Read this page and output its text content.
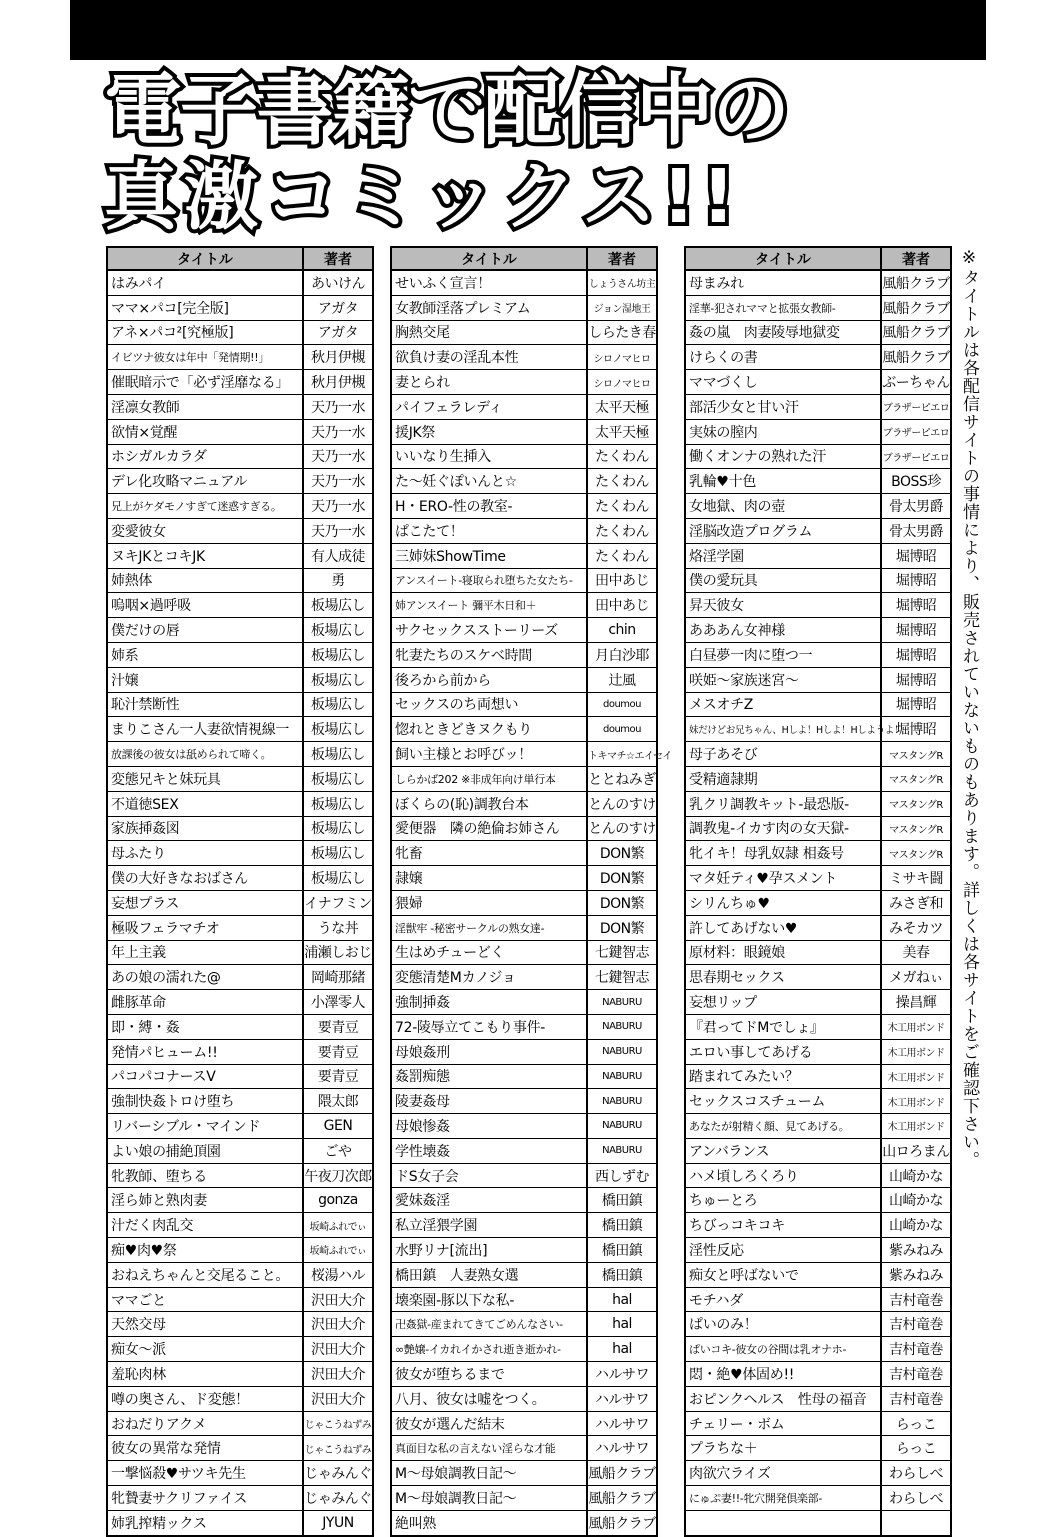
電子書籍で配信中の
真激コミックス!!
タイトル	著者
はみパイ	あいけん
ママ×パコ[完全版]	アガタ
アネ×パコ²[究極版]	アガタ
イビツナ彼女は年中「発情期!!」	秋月伊槻
催眠暗示で「必ず淫靡なる」	秋月伊槻
淫凛女教師	天乃一水
欲情×覚醒	天乃一水
ホシガルカラダ	天乃一水
デレ化攻略マニュアル	天乃一水
兄上がケダモノすぎて迷惑すぎる。	天乃一水
変愛彼女	天乃一水
ヌキJKとコキJK	有人成徒
姉熱体	勇
嗚咽×過呼吸	板場広し
僕だけの唇	板場広し
姉系	板場広し
汁嬢	板場広し
恥汁禁断性	板場広し
まりこさん一人妻欲情視線一	板場広し
放課後の彼女は舐められて啼く。	板場広し
変態兄キと妹玩具	板場広し
不道徳SEX	板場広し
家族挿姦図	板場広し
母ふたり	板場広し
僕の大好きなおばさん	板場広し
妄想プラス	イナフミン
極吸フェラマチオ	うな丼
年上主義	浦瀬しおじ
あの娘の濡れた@	岡崎那緒
雌豚革命	小澤零人
即・縛・姦	要青豆
発情パヒューム!!	要青豆
パコパコナースV	要青豆
強制快姦トロけ堕ち	隈太郎
リバーシブル・マインド	GEN
よい娘の捕絶頂園	ごや
牝教師、堕ちる	午夜刀次郎
淫ら姉と熟肉妻	gonza
汁だく肉乱交	坂崎ふれでぃ
痴♥肉♥祭	坂崎ふれでぃ
おねえちゃんと交尾ること。	桜湯ハル
ママごと	沢田大介
天然交母	沢田大介
痴女〜派	沢田大介
羞恥肉林	沢田大介
噂の奥さん、ド変態！	沢田大介
おねだりアクメ	じゃこうねずみ
彼女の異常な発情	じゃこうねずみ
一撃悩殺♥サツキ先生	じゃみんぐ
牝贄妻サクリファイス	じゃみんぐ
姉乳搾精ックス	JYUN
タイトル	著者
せいふく宣言！	しょうさん坊主
女教師淫落プレミアム	ジョン湿地王
胸熱交尾	しらたき春
欲負け妻の淫乱本性	シロノマヒロ
妻とられ	シロノマヒロ
パイフェラレディ	太平天極
援JK祭	太平天極
いいなり生挿入	たくわん
た〜妊ぐぽいんと☆	たくわん
H・ERO-性の教室-	たくわん
ぱこたて！	たくわん
三姉妹ShowTime	たくわん
アンスイート-寝取られ堕ちた女たち-	田中あじ
姉アンスイート 彌平木日和＋	田中あじ
サクセックスストーリーズ	chin
牝妻たちのスケベ時間	月白沙耶
後ろから前から	辻風
セックスのち両想い	doumou
惚れときどきヌクもり	doumou
飼い主様とお呼びッ！	トキマチ☆エイセイ
しらかば202 ※非成年向け単行本	ととねみぎ
ぼくらの(恥)調教台本	とんのすけ
愛便器　隣の絶倫お姉さん	とんのすけ
牝畜	DON繁
隷嬢	DON繁
猥婦	DON繁
淫獣牢 -秘密サークルの熟女達-	DON繁
生はめチューどく	七鍵智志
変態清楚Mカノジョ	七鍵智志
強制挿姦	NABURU
72-陵辱立てこもり事件-	NABURU
母娘姦刑	NABURU
姦罰痴態	NABURU
陵妻姦母	NABURU
母娘惨姦	NABURU
学性壊姦	NABURU
ドS女子会	西しずむ
愛妹姦淫	橋田鎮
私立淫猥学園	橋田鎮
水野リナ[流出]	橋田鎮
橋田鎮　人妻熟女選	橋田鎮
壊楽園-豚以下な私-	hal
卍姦獄-産まれてきてごめんなさい-	hal
∞艶嬢-イカれイかされ逝き逝かれ-	hal
彼女が堕ちるまで	ハルサワ
八月、彼女は嘘をつく。	ハルサワ
彼女が選んだ結末	ハルサワ
真面目な私の言えない淫らな才能	ハルサワ
M〜母娘調教日記〜	風船クラブ
M〜母娘調教日記〜	風船クラブ
絶叫熟	風船クラブ
タイトル	著者
母まみれ	風船クラブ
淫華-犯されママと拡張女教師-	風船クラブ
姦の嵐　肉妻陵辱地獄変	風船クラブ
けらくの書	風船クラブ
ママづくし	ぶーちゃん
部活少女と甘い汗	ブラザーピエロ
実妹の膣内	ブラザーピエロ
働くオンナの熟れた汗	ブラザーピエロ
乳輪♥十色	BOSS珍
女地獄、肉の壺	骨太男爵
淫脳改造プログラム	骨太男爵
烙淫学園	堀博昭
僕の愛玩具	堀博昭
昇天彼女	堀博昭
あああん女神様	堀博昭
白昼夢一肉に堕つ一	堀博昭
咲姫〜家族迷宮〜	堀博昭
メスオチZ	堀博昭
妹だけどお兄ちゃん、Hしよ！Hしよ！Hしようよ！	堀博昭
母子あそび	マスタングR
受精適隷期	マスタングR
乳クリ調教キット-最恐版-	マスタングR
調教鬼-イカす肉の女天獄-	マスタングR
牝イキ！母乳奴隷 相姦号	マスタングR
マタ妊ティ♥孕スメント	ミサキ闘
シリんちゅ♥	みさぎ和
許してあげない♥	みそカツ
原材料：眼鏡娘	美春
思春期セックス	メガねぃ
妄想リップ	操昌輝
『君ってドMでしょ』	木工用ボンド
エロい事してあげる	木工用ボンド
踏まれてみたい？	木工用ボンド
セックスコスチューム	木工用ボンド
あなたが射精く顔、見てあげる。	木工用ボンド
アンバランス	山ロろまん
ハメ頃しろくろり	山崎かな
ちゅーとろ	山崎かな
ちびっコキコキ	山崎かな
淫性反応	紫みねみ
痴女と呼ばないで	紫みねみ
モチハダ	吉村竜巻
ぱいのみ！	吉村竜巻
ぱいコキ-彼女の谷間は乳オナホ-	吉村竜巻
悶・絶♥体固め!!	吉村竜巻
おピンクヘルス　性母の福音	吉村竜巻
チェリー・ボム	らっこ
プラちな＋	らっこ
肉欲穴ライズ	わらしべ
にゅぷ妻!!-牝穴開発倶楽部-	わらしべ

※タイトルは各配信サイトの事情により、販売されていないものもあります。詳しくは各サイトをご確認下さい。
